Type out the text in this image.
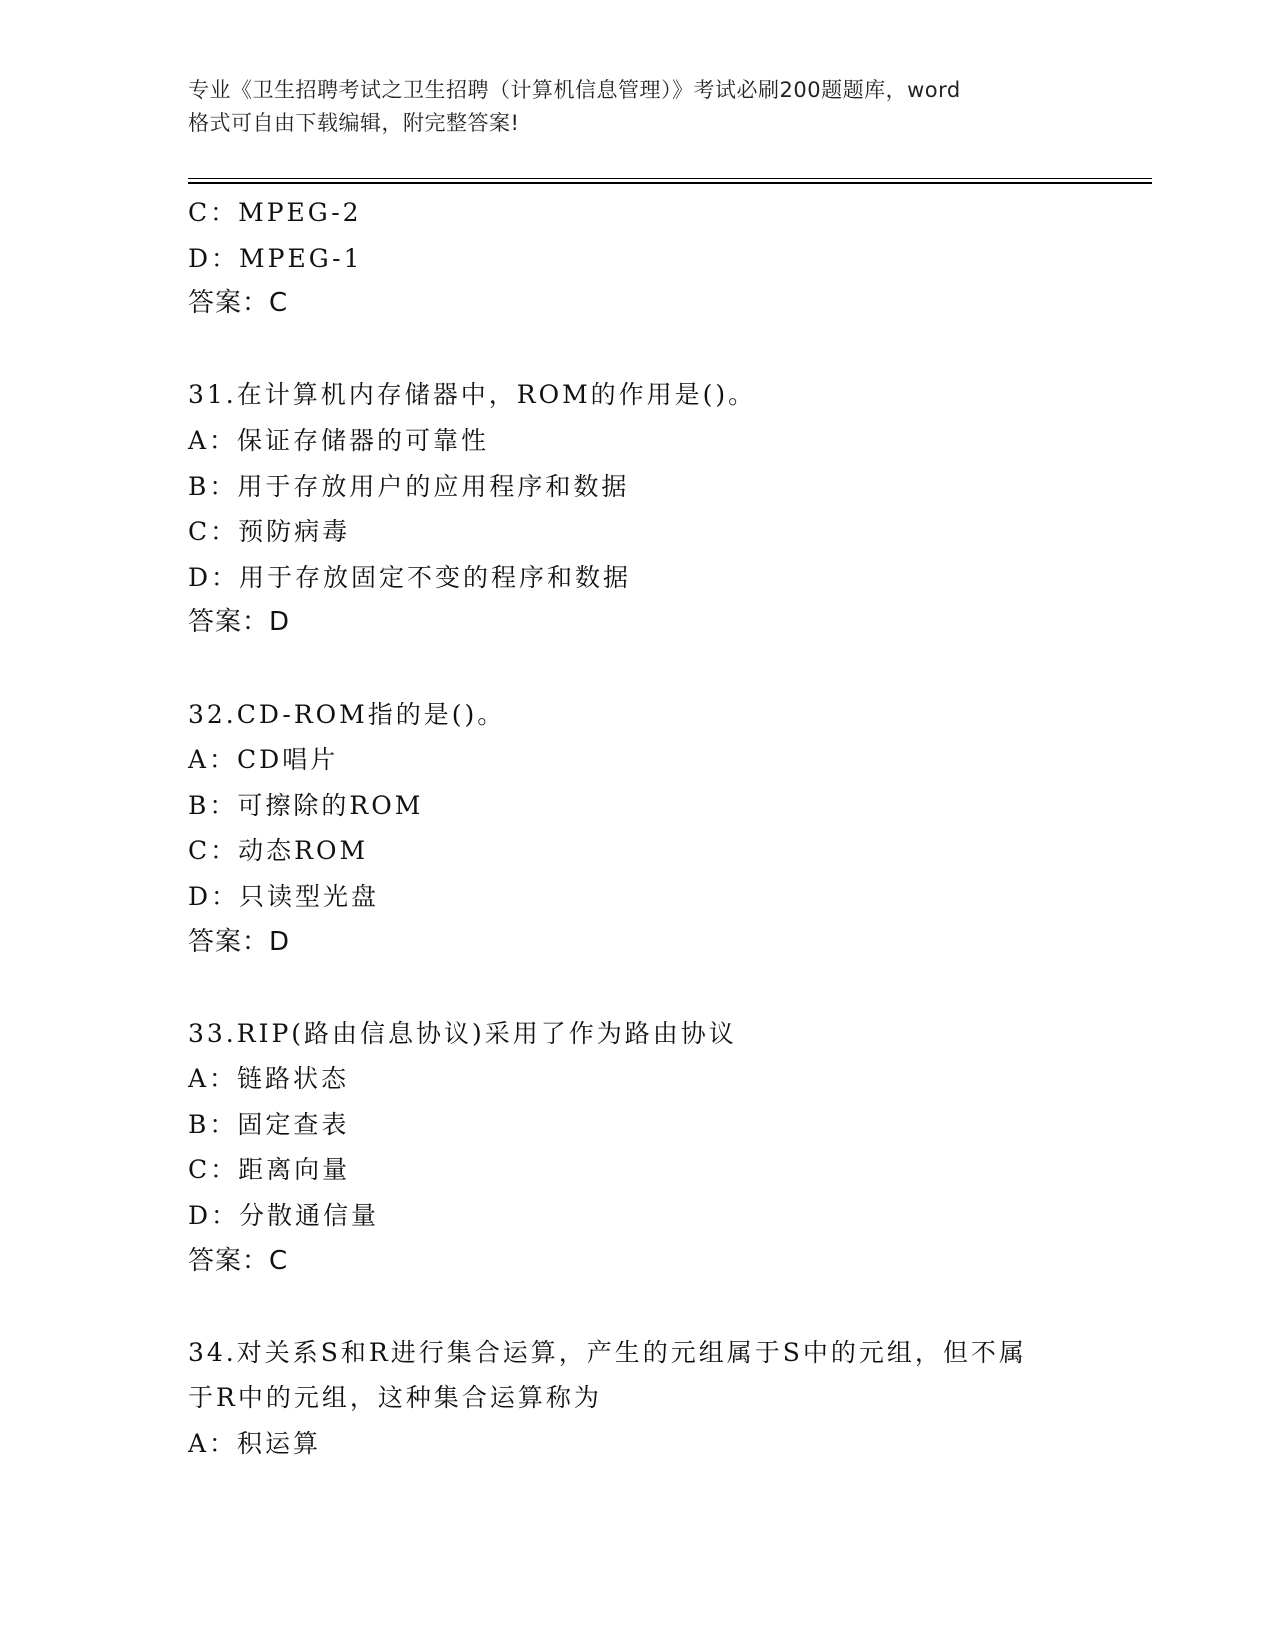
专业《卫生招聘考试之卫生招聘（计算机信息管理）》考试必刷200题题库，word
格式可自由下载编辑，附完整答案!

C：MPEG-2

D：MPEG-1

答案：C

31.在计算机内存储器中，ROM的作用是()。

A：保证存储器的可靠性

B：用于存放用户的应用程序和数据

C：预防病毒

D：用于存放固定不变的程序和数据

答案：D

32.CD-ROM指的是()。

A：CD唱片

B：可擦除的ROM

C：动态ROM

D：只读型光盘

答案：D

33.RIP(路由信息协议)采用了作为路由协议

A：链路状态

B：固定查表

C：距离向量

D：分散通信量

答案：C

34.对关系S和R进行集合运算，产生的元组属于S中的元组，但不属

于R中的元组，这种集合运算称为

A：积运算
